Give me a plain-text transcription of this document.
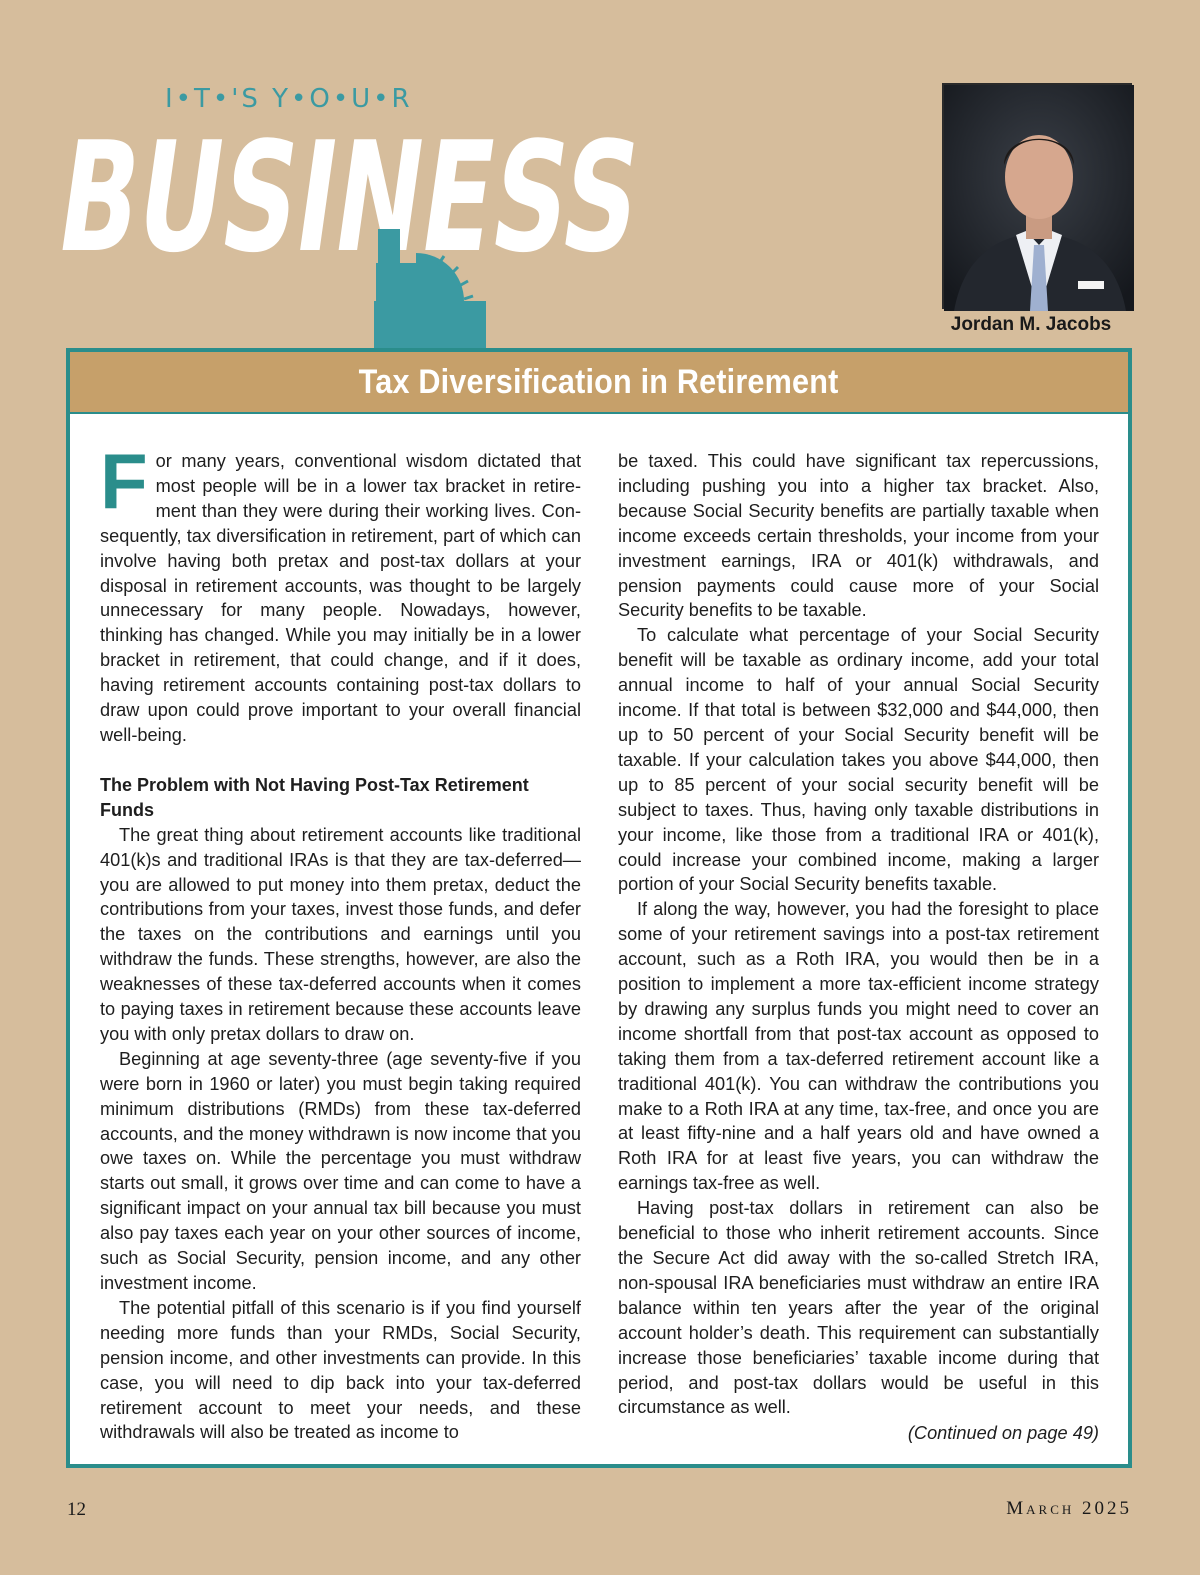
I•T•'S Y•O•U•R
BUSINESS
Jordan M. Jacobs
Tax Diversification in Retirement

For many years, conventional wisdom dictated that most people will be in a lower tax bracket in retirement than they were during their working lives. Consequently, tax diversification in retirement, part of which can involve having both pretax and post-tax dollars at your disposal in retirement accounts, was thought to be largely unnecessary for many people. Nowadays, however, thinking has changed. While you may initially be in a lower bracket in retirement, that could change, and if it does, having retirement accounts containing post-tax dollars to draw upon could prove important to your overall financial well-being.

The Problem with Not Having Post-Tax Retirement Funds

The great thing about retirement accounts like traditional 401(k)s and traditional IRAs is that they are tax-deferred—you are allowed to put money into them pretax, deduct the contributions from your taxes, invest those funds, and defer the taxes on the contributions and earnings until you withdraw the funds. These strengths, however, are also the weaknesses of these tax-deferred accounts when it comes to paying taxes in retirement because these accounts leave you with only pretax dollars to draw on.

Beginning at age seventy-three (age seventy-five if you were born in 1960 or later) you must begin taking required minimum distributions (RMDs) from these tax-deferred accounts, and the money withdrawn is now income that you owe taxes on. While the percentage you must withdraw starts out small, it grows over time and can come to have a significant impact on your annual tax bill because you must also pay taxes each year on your other sources of income, such as Social Security, pension income, and any other investment income.

The potential pitfall of this scenario is if you find yourself needing more funds than your RMDs, Social Security, pension income, and other investments can provide. In this case, you will need to dip back into your tax-deferred retirement account to meet your needs, and these withdrawals will also be treated as income to

be taxed. This could have significant tax repercussions, including pushing you into a higher tax bracket. Also, because Social Security benefits are partially taxable when income exceeds certain thresholds, your income from your investment earnings, IRA or 401(k) withdrawals, and pension payments could cause more of your Social Security benefits to be taxable.

To calculate what percentage of your Social Security benefit will be taxable as ordinary income, add your total annual income to half of your annual Social Security income. If that total is between $32,000 and $44,000, then up to 50 percent of your Social Security benefit will be taxable. If your calculation takes you above $44,000, then up to 85 percent of your social security benefit will be subject to taxes. Thus, having only taxable distributions in your income, like those from a traditional IRA or 401(k), could increase your combined income, making a larger portion of your Social Security benefits taxable.

If along the way, however, you had the foresight to place some of your retirement savings into a post-tax retirement account, such as a Roth IRA, you would then be in a position to implement a more tax-efficient income strategy by drawing any surplus funds you might need to cover an income shortfall from that post-tax account as opposed to taking them from a tax-deferred retirement account like a traditional 401(k). You can withdraw the contributions you make to a Roth IRA at any time, tax-free, and once you are at least fifty-nine and a half years old and have owned a Roth IRA for at least five years, you can withdraw the earnings tax-free as well.

Having post-tax dollars in retirement can also be beneficial to those who inherit retirement accounts. Since the Secure Act did away with the so-called Stretch IRA, non-spousal IRA beneficiaries must withdraw an entire IRA balance within ten years after the year of the original account holder’s death. This requirement can substantially increase those beneficiaries’ taxable income during that period, and post-tax dollars would be useful in this circumstance as well.

(Continued on page 49)
12	March 2025
